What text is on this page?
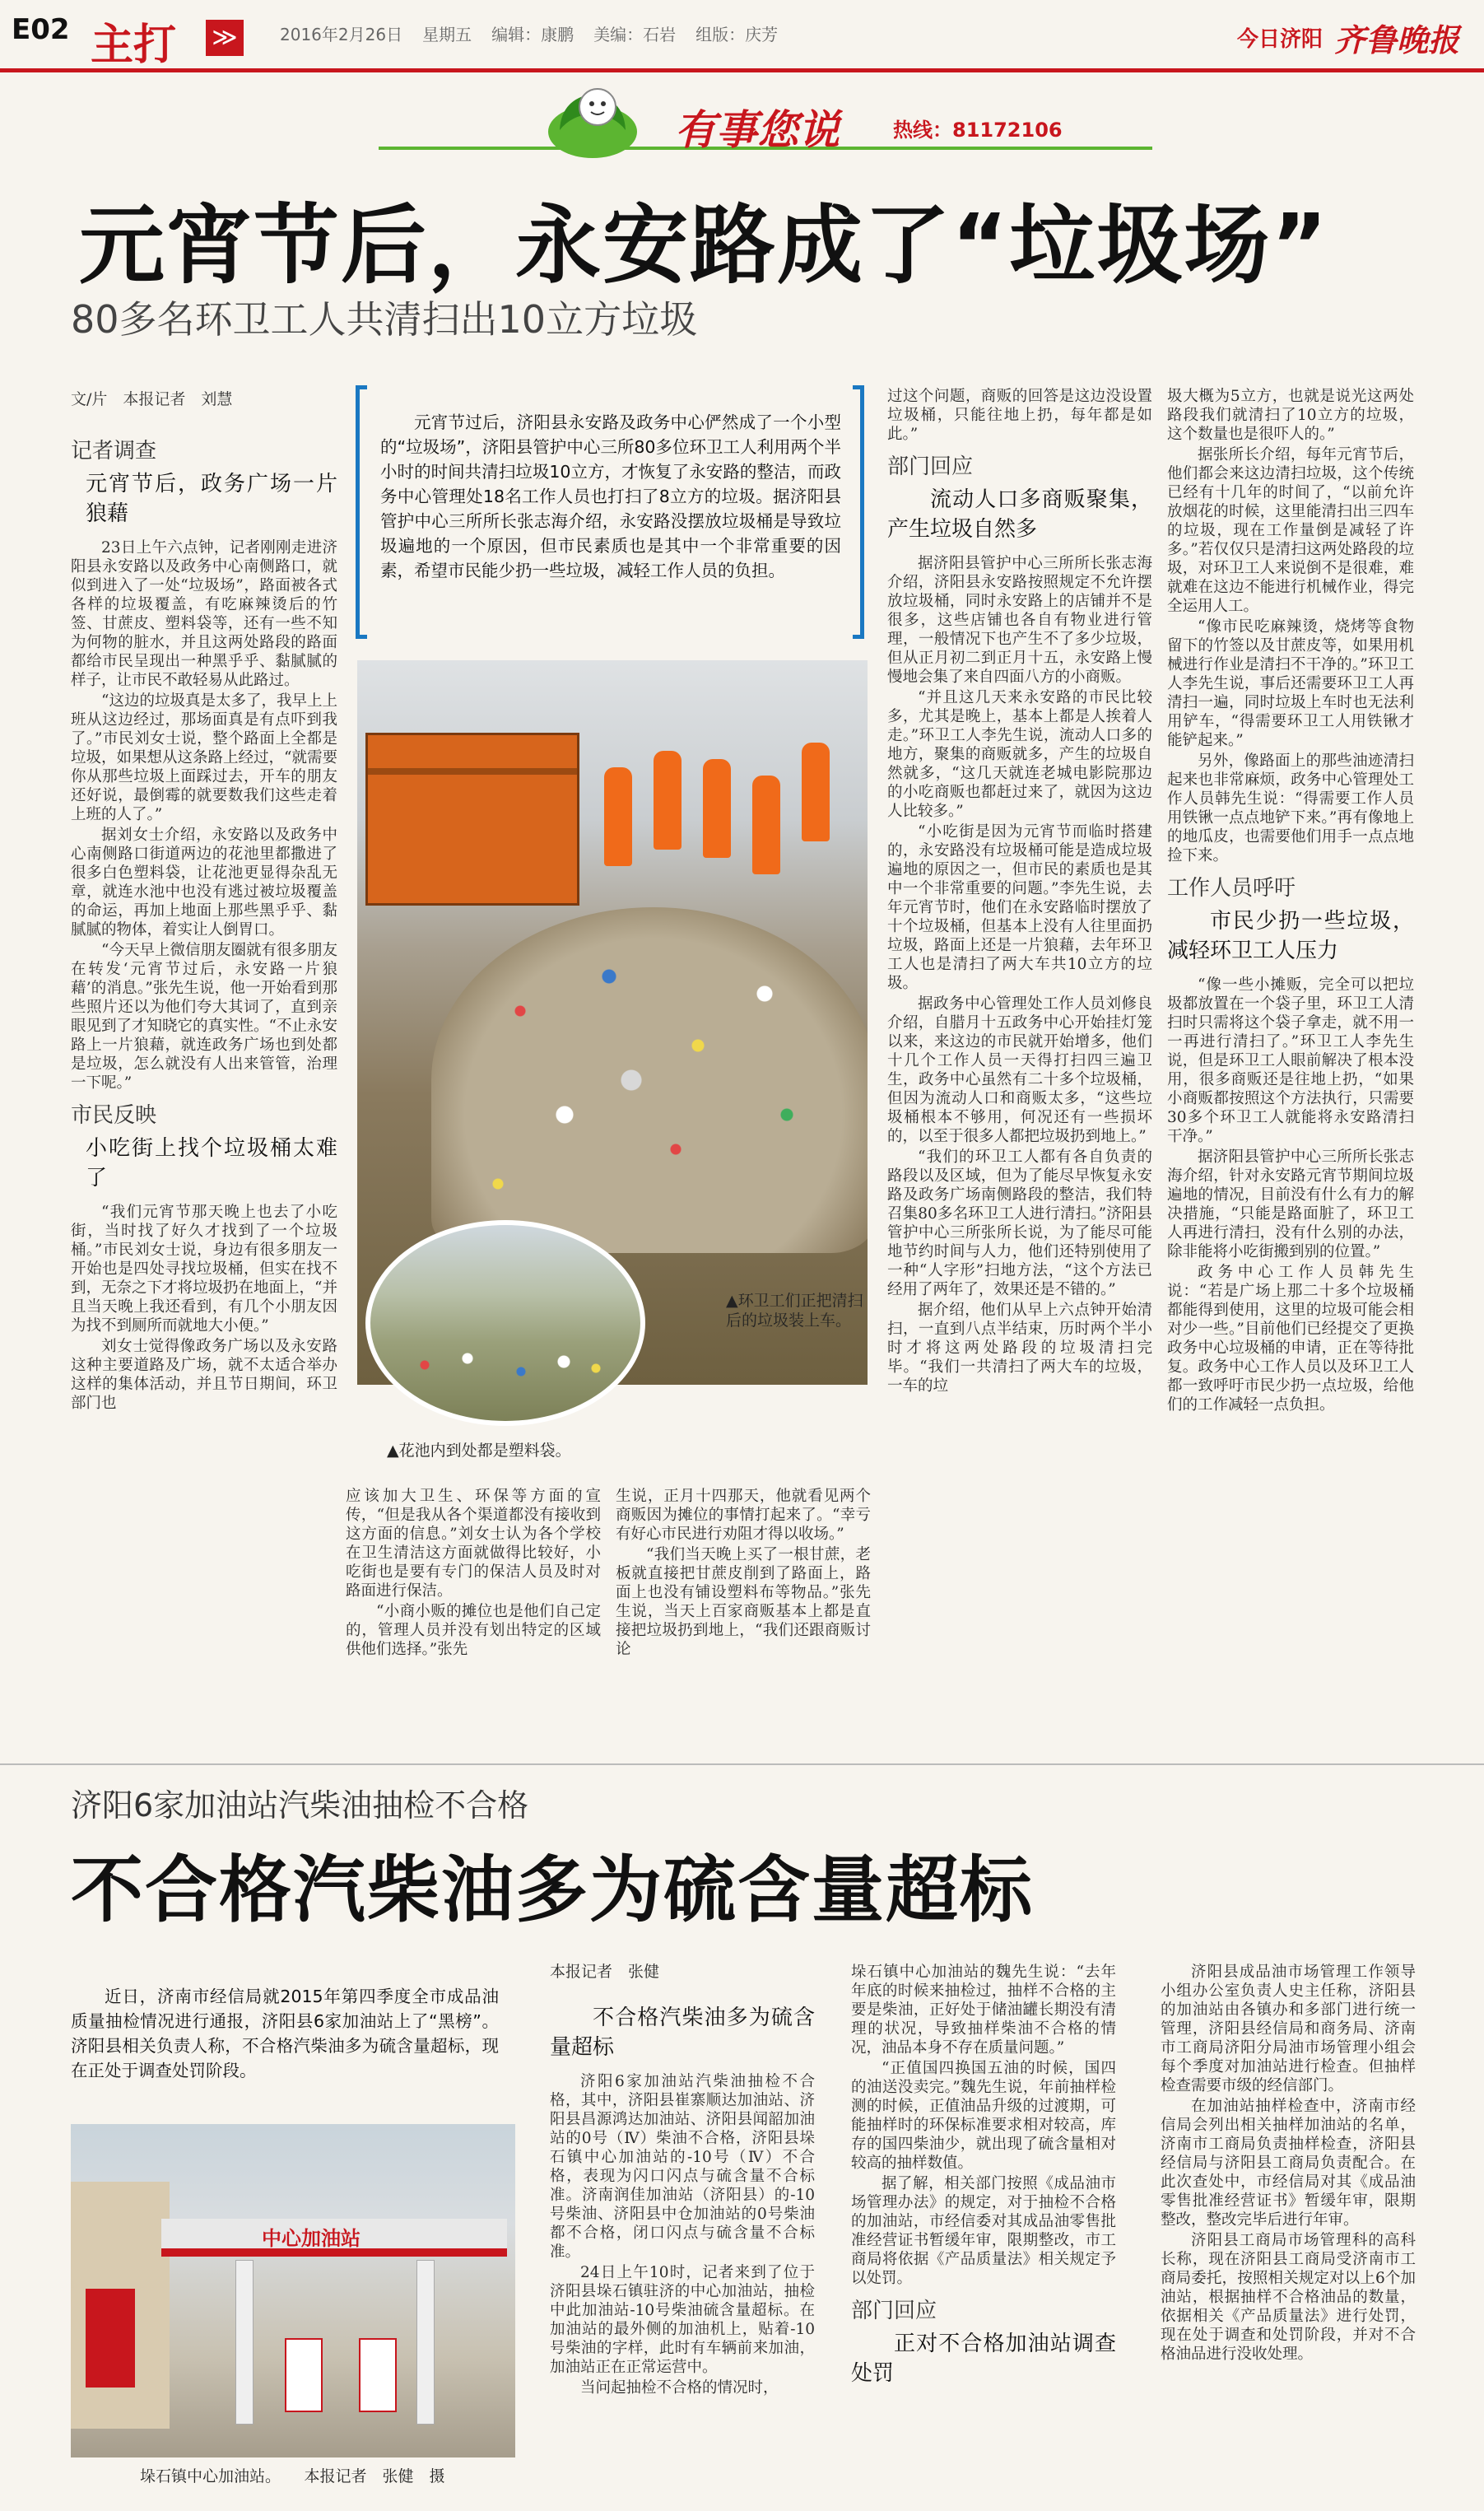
E02 主打 ≫	2016年2月26日 星期五 编辑：康鹏 美编：石岩 组版：庆芳	今日济阳 齐鲁晚报
有事您说	热线：81172106
元宵节后，永安路成了“垃圾场”
80多名环卫工人共清扫出10立方垃圾
文/片　本报记者　刘慧
元宵节过后，济阳县永安路及政务中心俨然成了一个小型的“垃圾场”，济阳县管护中心三所80多位环卫工人利用两个半小时的时间共清扫垃圾10立方，才恢复了永安路的整洁，而政务中心管理处18名工作人员也打扫了8立方的垃圾。据济阳县管护中心三所所长张志海介绍，永安路没摆放垃圾桶是导致垃圾遍地的一个原因，但市民素质也是其中一个非常重要的因素，希望市民能少扔一些垃圾，减轻工作人员的负担。

记者调查

元宵节后，政务广场一片狼藉

23日上午六点钟，记者刚刚走进济阳县永安路以及政务中心南侧路口，就似到进入了一处“垃圾场”，路面被各式各样的垃圾覆盖，有吃麻辣烫后的竹签、甘蔗皮、塑料袋等，还有一些不知为何物的脏水，并且这两处路段的路面都给市民呈现出一种黑乎乎、黏腻腻的样子，让市民不敢轻易从此路过。

“这边的垃圾真是太多了，我早上上班从这边经过，那场面真是有点吓到我了。”市民刘女士说，整个路面上全都是垃圾，如果想从这条路上经过，“就需要你从那些垃圾上面踩过去，开车的朋友还好说，最倒霉的就要数我们这些走着上班的人了。”

据刘女士介绍，永安路以及政务中心南侧路口街道两边的花池里都撒进了很多白色塑料袋，让花池更显得杂乱无章，就连水池中也没有逃过被垃圾覆盖的命运，再加上地面上那些黑乎乎、黏腻腻的物体，着实让人倒胃口。

“今天早上微信朋友圈就有很多朋友在转发‘元宵节过后，永安路一片狼藉’的消息。”张先生说，他一开始看到那些照片还以为他们夸大其词了，直到亲眼见到了才知晓它的真实性。“不止永安路上一片狼藉，就连政务广场也到处都是垃圾，怎么就没有人出来管管，治理一下呢。”

市民反映

小吃街上找个垃圾桶太难了

“我们元宵节那天晚上也去了小吃街，当时找了好久才找到了一个垃圾桶。”市民刘女士说，身边有很多朋友一开始也是四处寻找垃圾桶，但实在找不到，无奈之下才将垃圾扔在地面上，“并且当天晚上我还看到，有几个小朋友因为找不到厕所而就地大小便。”

刘女士觉得像政务广场以及永安路这种主要道路及广场，就不太适合举办这样的集体活动，并且节日期间，环卫部门也

▲环卫工们正把清扫后的垃圾装上车。
▲花池内到处都是塑料袋。

应该加大卫生、环保等方面的宣传，“但是我从各个渠道都没有接收到这方面的信息。”刘女士认为各个学校在卫生清洁这方面就做得比较好，小吃街也是要有专门的保洁人员及时对路面进行保洁。

“小商小贩的摊位也是他们自己定的，管理人员并没有划出特定的区域供他们选择。”张先

生说，正月十四那天，他就看见两个商贩因为摊位的事情打起来了。“幸亏有好心市民进行劝阻才得以收场。”

“我们当天晚上买了一根甘蔗，老板就直接把甘蔗皮削到了路面上，路面上也没有铺设塑料布等物品。”张先生说，当天上百家商贩基本上都是直接把垃圾扔到地上，“我们还跟商贩讨论

过这个问题，商贩的回答是这边没设置垃圾桶，只能往地上扔，每年都是如此。”

部门回应

流动人口多商贩聚集，产生垃圾自然多

据济阳县管护中心三所所长张志海介绍，济阳县永安路按照规定不允许摆放垃圾桶，同时永安路上的店铺并不是很多，这些店铺也各自有物业进行管理，一般情况下也产生不了多少垃圾，但从正月初二到正月十五，永安路上慢慢地会集了来自四面八方的小商贩。

“并且这几天来永安路的市民比较多，尤其是晚上，基本上都是人挨着人走。”环卫工人李先生说，流动人口多的地方，聚集的商贩就多，产生的垃圾自然就多，“这几天就连老城电影院那边的小吃商贩也都赶过来了，就因为这边人比较多。”

“小吃街是因为元宵节而临时搭建的，永安路没有垃圾桶可能是造成垃圾遍地的原因之一，但市民的素质也是其中一个非常重要的问题。”李先生说，去年元宵节时，他们在永安路临时摆放了十个垃圾桶，但基本上没有人往里面扔垃圾，路面上还是一片狼藉，去年环卫工人也是清扫了两大车共10立方的垃圾。

据政务中心管理处工作人员刘修良介绍，自腊月十五政务中心开始挂灯笼以来，来这边的市民就开始增多，他们十几个工作人员一天得打扫四三遍卫生，政务中心虽然有二十多个垃圾桶，但因为流动人口和商贩太多，“这些垃圾桶根本不够用，何况还有一些损坏的，以至于很多人都把垃圾扔到地上。”

“我们的环卫工人都有各自负责的路段以及区域，但为了能尽早恢复永安路及政务广场南侧路段的整洁，我们特召集80多名环卫工人进行清扫。”济阳县管护中心三所张所长说，为了能尽可能地节约时间与人力，他们还特别使用了一种“人字形”扫地方法，“这个方法已经用了两年了，效果还是不错的。”

据介绍，他们从早上六点钟开始清扫，一直到八点半结束，历时两个半小时才将这两处路段的垃圾清扫完毕。“我们一共清扫了两大车的垃圾，一车的垃

圾大概为5立方，也就是说光这两处路段我们就清扫了10立方的垃圾，这个数量也是很吓人的。”

据张所长介绍，每年元宵节后，他们都会来这边清扫垃圾，这个传统已经有十几年的时间了，“以前允许放烟花的时候，这里能清扫出三四车的垃圾，现在工作量倒是减轻了许多。”若仅仅只是清扫这两处路段的垃圾，对环卫工人来说倒不是很难，难就难在这边不能进行机械作业，得完全运用人工。

“像市民吃麻辣烫，烧烤等食物留下的竹签以及甘蔗皮等，如果用机械进行作业是清扫不干净的。”环卫工人李先生说，事后还需要环卫工人再清扫一遍，同时垃圾上车时也无法利用铲车，“得需要环卫工人用铁锹才能铲起来。”

另外，像路面上的那些油迹清扫起来也非常麻烦，政务中心管理处工作人员韩先生说：“得需要工作人员用铁锹一点点地铲下来。”再有像地上的地瓜皮，也需要他们用手一点点地捡下来。

工作人员呼吁

市民少扔一些垃圾，减轻环卫工人压力

“像一些小摊贩，完全可以把垃圾都放置在一个袋子里，环卫工人清扫时只需将这个袋子拿走，就不用一一再进行清扫了。”环卫工人李先生说，但是环卫工人眼前解决了根本没用，很多商贩还是往地上扔，“如果小商贩都按照这个方法执行，只需要30多个环卫工人就能将永安路清扫干净。”

据济阳县管护中心三所所长张志海介绍，针对永安路元宵节期间垃圾遍地的情况，目前没有什么有力的解决措施，“只能是路面脏了，环卫工人再进行清扫，没有什么别的办法，除非能将小吃街搬到别的位置。”

政务中心工作人员韩先生说：“若是广场上那二十多个垃圾桶都能得到使用，这里的垃圾可能会相对少一些。”目前他们已经提交了更换政务中心垃圾桶的申请，正在等待批复。政务中心工作人员以及环卫工人都一致呼吁市民少扔一点垃圾，给他们的工作减轻一点负担。

济阳6家加油站汽柴油抽检不合格
不合格汽柴油多为硫含量超标
近日，济南市经信局就2015年第四季度全市成品油质量抽检情况进行通报，济阳县6家加油站上了“黑榜”。济阳县相关负责人称，不合格汽柴油多为硫含量超标，现在正处于调查处罚阶段。
中心加油站
垛石镇中心加油站。　　本报记者　张健　摄

本报记者　张健

不合格汽柴油多为硫含量超标

济阳6家加油站汽柴油抽检不合格，其中，济阳县崔寨顺达加油站、济阳县昌源鸿达加油站、济阳县闻韶加油站的0号（Ⅳ）柴油不合格，济阳县垛石镇中心加油站的-10号（Ⅳ）不合格，表现为闪口闪点与硫含量不合标准。济南润佳加油站（济阳县）的-10号柴油、济阳县中仓加油站的0号柴油都不合格，闭口闪点与硫含量不合标准。

24日上午10时，记者来到了位于济阳县垛石镇驻济的中心加油站，抽检中此加油站-10号柴油硫含量超标。在加油站的最外侧的加油机上，贴着-10号柴油的字样，此时有车辆前来加油，加油站正在正常运营中。

当问起抽检不合格的情况时，

垛石镇中心加油站的魏先生说：“去年年底的时候来抽检过，抽样不合格的主要是柴油，正好处于储油罐长期没有清理的状况，导致抽样柴油不合格的情况，油品本身不存在质量问题。”

“正值国四换国五油的时候，国四的油送没卖完。”魏先生说，年前抽样检测的时候，正值油品升级的过渡期，可能抽样时的环保标准要求相对较高，库存的国四柴油少，就出现了硫含量相对较高的抽样数值。

据了解，相关部门按照《成品油市场管理办法》的规定，对于抽检不合格的加油站，市经信委对其成品油零售批准经营证书暂缓年审，限期整改，市工商局将依据《产品质量法》相关规定予以处罚。

部门回应

正对不合格加油站调查处罚

济阳县成品油市场管理工作领导小组办公室负责人史主任称，济阳县的加油站由各镇办和多部门进行统一管理，济阳县经信局和商务局、济南市工商局济阳分局油市场管理小组会每个季度对加油站进行检查。但抽样检查需要市级的经信部门。

在加油站抽样检查中，济南市经信局会列出相关抽样加油站的名单，济南市工商局负责抽样检查，济阳县经信局与济阳县工商局负责配合。在此次查处中，市经信局对其《成品油零售批准经营证书》暂缓年审，限期整改，整改完毕后进行年审。

济阳县工商局市场管理科的高科长称，现在济阳县工商局受济南市工商局委托，按照相关规定对以上6个加油站，根据抽样不合格油品的数量，依据相关《产品质量法》进行处罚，现在处于调查和处罚阶段，并对不合格油品进行没收处理。
